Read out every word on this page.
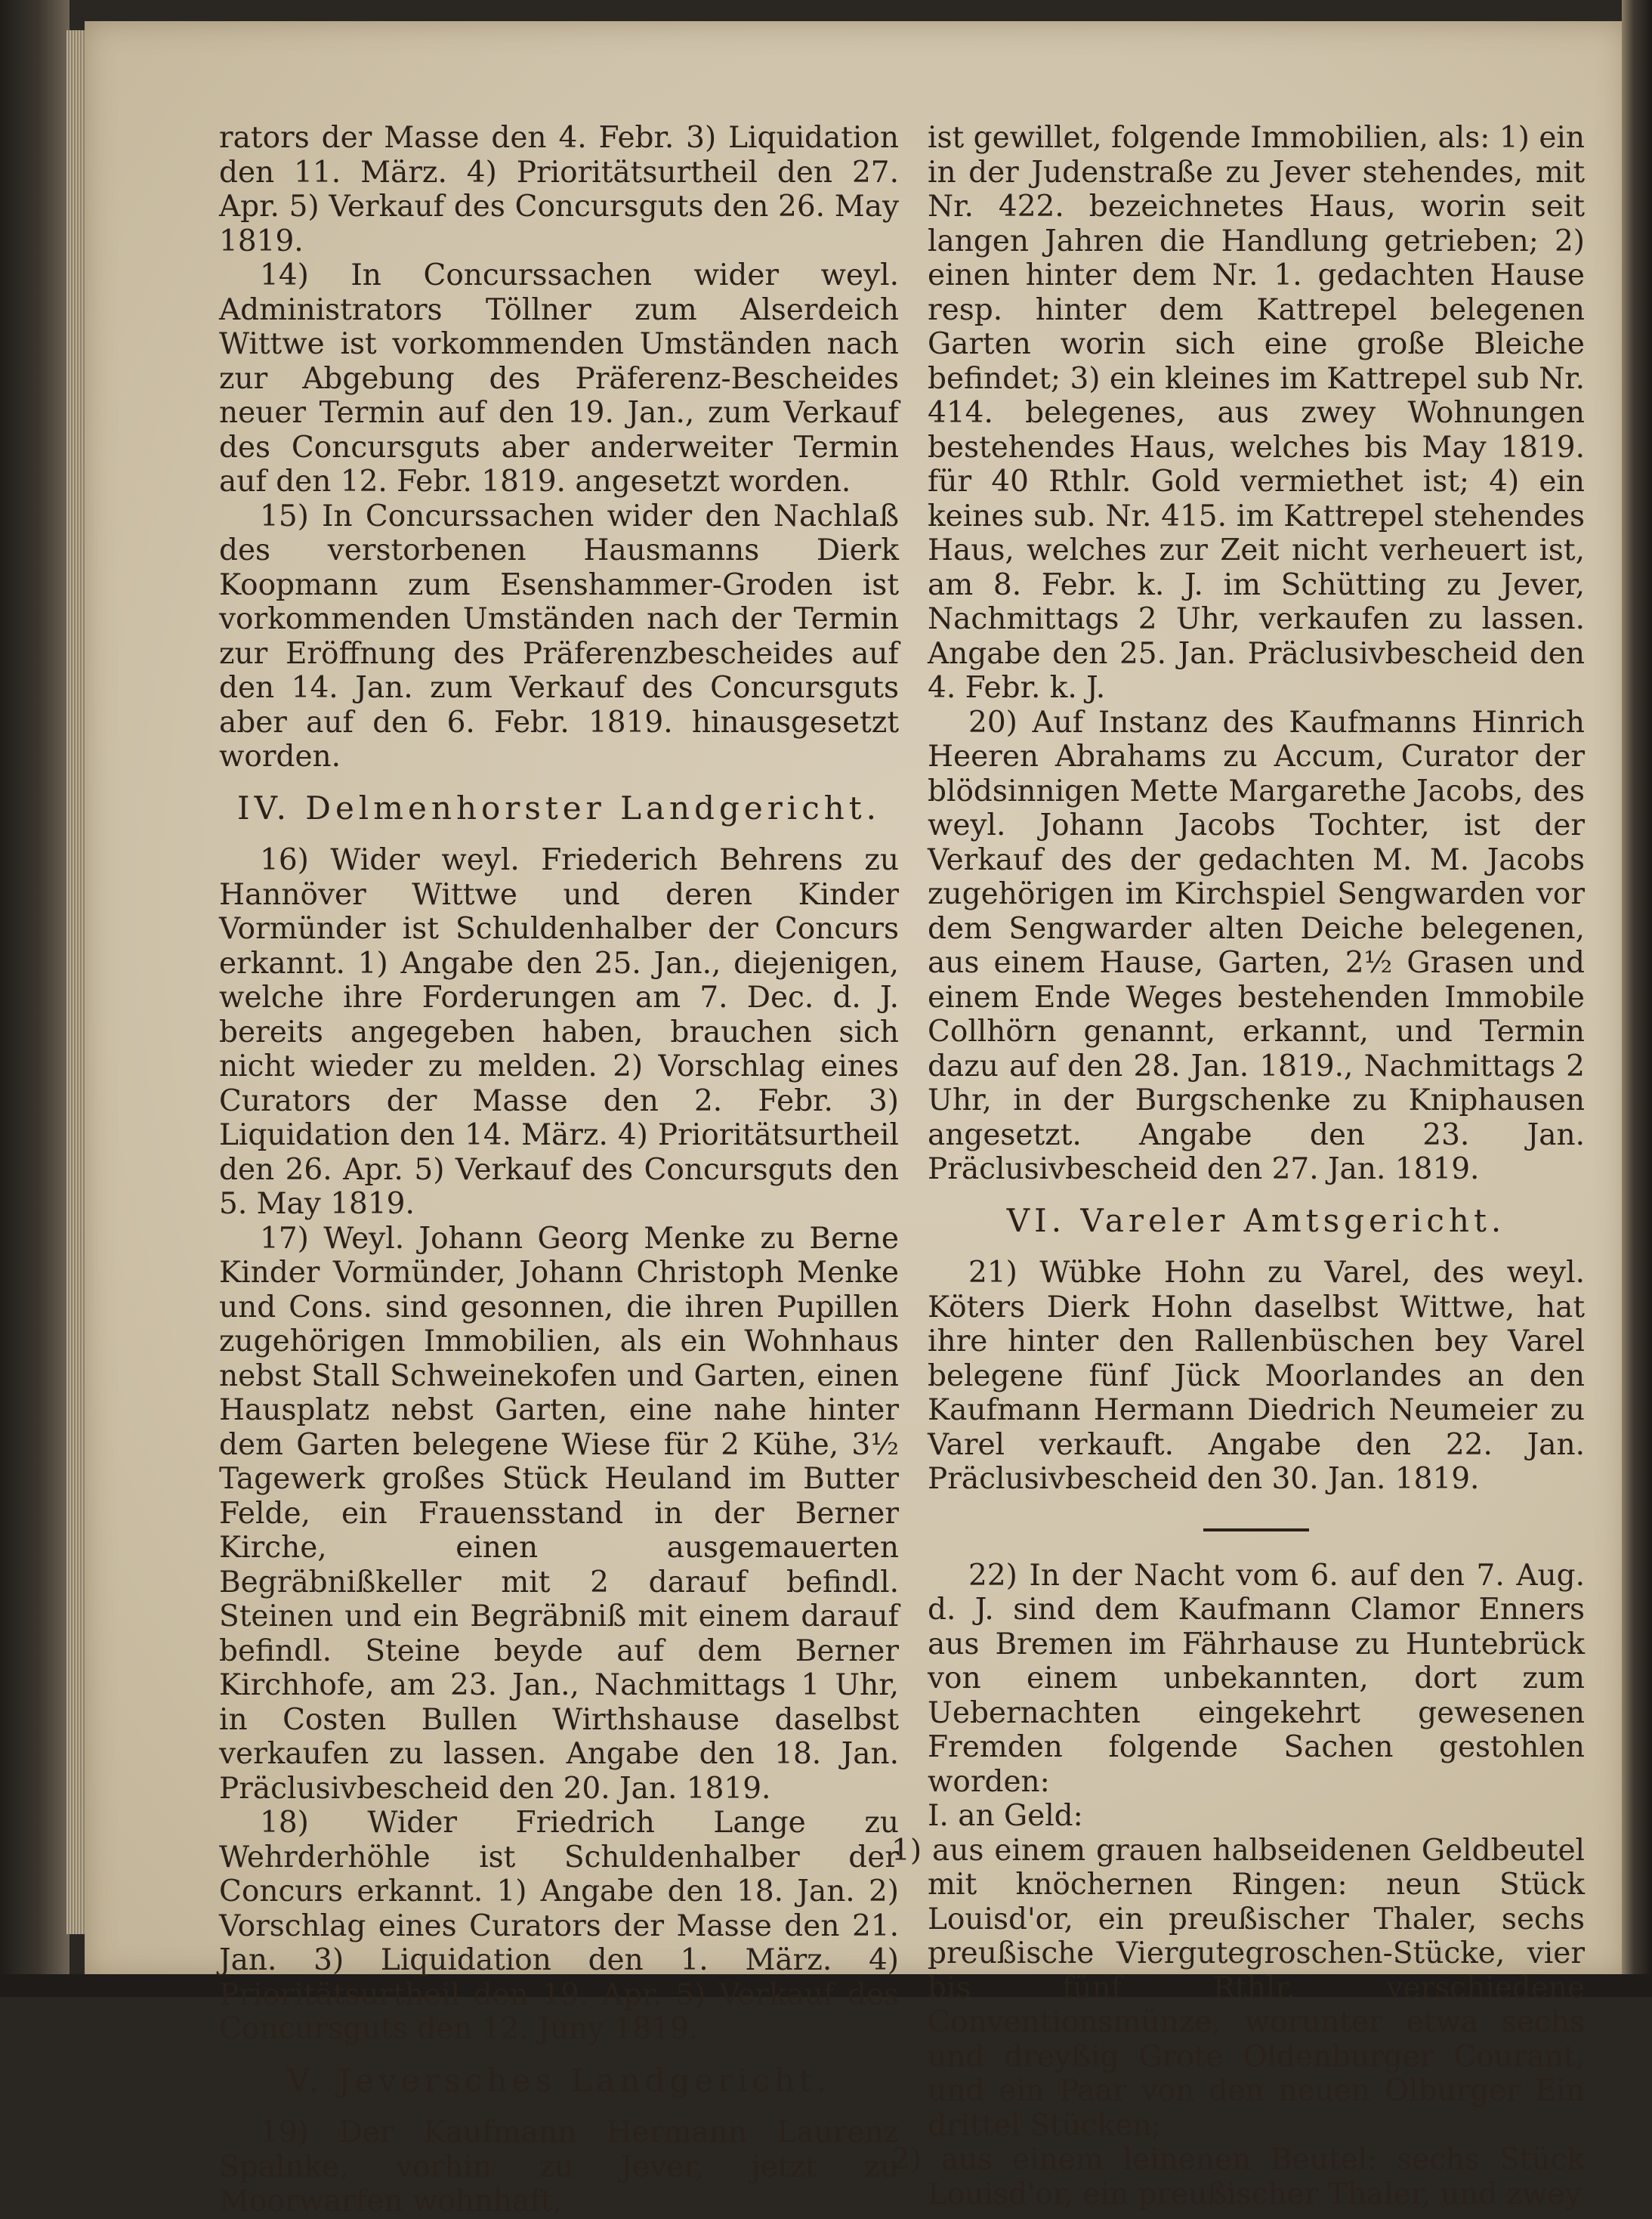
rators der Masse den 4. Febr. 3) Liquidation den 11. März. 4) Prioritätsurtheil den 27. Apr. 5) Verkauf des Concursguts den 26. May 1819.

14) In Concurssachen wider weyl. Administrators Töllner zum Alserdeich Wittwe ist vorkommenden Umständen nach zur Abgebung des Präferenz-Bescheides neuer Termin auf den 19. Jan., zum Verkauf des Concursguts aber anderweiter Termin auf den 12. Febr. 1819. angesetzt worden.

15) In Concurssachen wider den Nachlaß des verstorbenen Hausmanns Dierk Koopmann zum Esenshammer-Groden ist vorkommenden Umständen nach der Termin zur Eröffnung des Präferenzbescheides auf den 14. Jan. zum Verkauf des Concursguts aber auf den 6. Febr. 1819. hinausgesetzt worden.

IV. Delmenhorster Landgericht.

16) Wider weyl. Friederich Behrens zu Hannöver Wittwe und deren Kinder Vormünder ist Schuldenhalber der Concurs erkannt. 1) Angabe den 25. Jan., diejenigen, welche ihre Forderungen am 7. Dec. d. J. bereits angegeben haben, brauchen sich nicht wieder zu melden. 2) Vorschlag eines Curators der Masse den 2. Febr. 3) Liquidation den 14. März. 4) Prioritätsurtheil den 26. Apr. 5) Verkauf des Concursguts den 5. May 1819.

17) Weyl. Johann Georg Menke zu Berne Kinder Vormünder, Johann Christoph Menke und Cons. sind gesonnen, die ihren Pupillen zugehörigen Immobilien, als ein Wohnhaus nebst Stall Schweinekofen und Garten, einen Hausplatz nebst Garten, eine nahe hinter dem Garten belegene Wiese für 2 Kühe, 3½ Tagewerk großes Stück Heuland im Butter Felde, ein Frauensstand in der Berner Kirche, einen ausgemauerten Begräbnißkeller mit 2 darauf befindl. Steinen und ein Begräbniß mit einem darauf befindl. Steine beyde auf dem Berner Kirchhofe, am 23. Jan., Nachmittags 1 Uhr, in Costen Bullen Wirthshause daselbst verkaufen zu lassen. Angabe den 18. Jan. Präclusivbescheid den 20. Jan. 1819.

18) Wider Friedrich Lange zu Wehrderhöhle ist Schuldenhalber der Concurs erkannt. 1) Angabe den 18. Jan. 2) Vorschlag eines Curators der Masse den 21. Jan. 3) Liquidation den 1. März. 4) Prioritätsurtheil den 19. Apr. 5) Verkauf des Concursguts den 12. Juny 1819.

V. Jeversches Landgericht.

19) Der Kaufmann Hermann Laurenz Spalnke, vorhin zu Jever, jetzt zu Moorwarfen wohnhaft,

ist gewillet, folgende Immobilien, als: 1) ein in der Judenstraße zu Jever stehendes, mit Nr. 422. bezeichnetes Haus, worin seit langen Jahren die Handlung getrieben; 2) einen hinter dem Nr. 1. gedachten Hause resp. hinter dem Kattrepel belegenen Garten worin sich eine große Bleiche befindet; 3) ein kleines im Kattrepel sub Nr. 414. belegenes, aus zwey Wohnungen bestehendes Haus, welches bis May 1819. für 40 Rthlr. Gold vermiethet ist; 4) ein keines sub. Nr. 415. im Kattrepel stehendes Haus, welches zur Zeit nicht verheuert ist, am 8. Febr. k. J. im Schütting zu Jever, Nachmittags 2 Uhr, verkaufen zu lassen. Angabe den 25. Jan. Präclusivbescheid den 4. Febr. k. J.

20) Auf Instanz des Kaufmanns Hinrich Heeren Abrahams zu Accum, Curator der blödsinnigen Mette Margarethe Jacobs, des weyl. Johann Jacobs Tochter, ist der Verkauf des der gedachten M. M. Jacobs zugehörigen im Kirchspiel Sengwarden vor dem Sengwarder alten Deiche belegenen, aus einem Hause, Garten, 2½ Grasen und einem Ende Weges bestehenden Immobile Collhörn genannt, erkannt, und Termin dazu auf den 28. Jan. 1819., Nachmittags 2 Uhr, in der Burgschenke zu Kniphausen angesetzt. Angabe den 23. Jan. Präclusivbescheid den 27. Jan. 1819.

VI. Vareler Amtsgericht.

21) Wübke Hohn zu Varel, des weyl. Köters Dierk Hohn daselbst Wittwe, hat ihre hinter den Rallenbüschen bey Varel belegene fünf Jück Moorlandes an den Kaufmann Hermann Diedrich Neumeier zu Varel verkauft. Angabe den 22. Jan. Präclusivbescheid den 30. Jan. 1819.

22) In der Nacht vom 6. auf den 7. Aug. d. J. sind dem Kaufmann Clamor Enners aus Bremen im Fährhause zu Huntebrück von einem unbekannten, dort zum Uebernachten eingekehrt gewesenen Fremden folgende Sachen gestohlen worden:

I. an Geld:

1) aus einem grauen halbseidenen Geldbeutel mit knöchernen Ringen: neun Stück Louisd'or, ein preußischer Thaler, sechs preußische Viergutegroschen-Stücke, vier bis fünf Rthlr. verschiedene Conventionsmünze, worunter etwa sechs und dreyßig Grote Oldenburger Courant, und ein Paar von den neuen Olburger Ein drittel Stücken;

2) aus einem leinenen Beutel: sechs Stück Louisd'or, ein preußischer Thaler, und zwey
